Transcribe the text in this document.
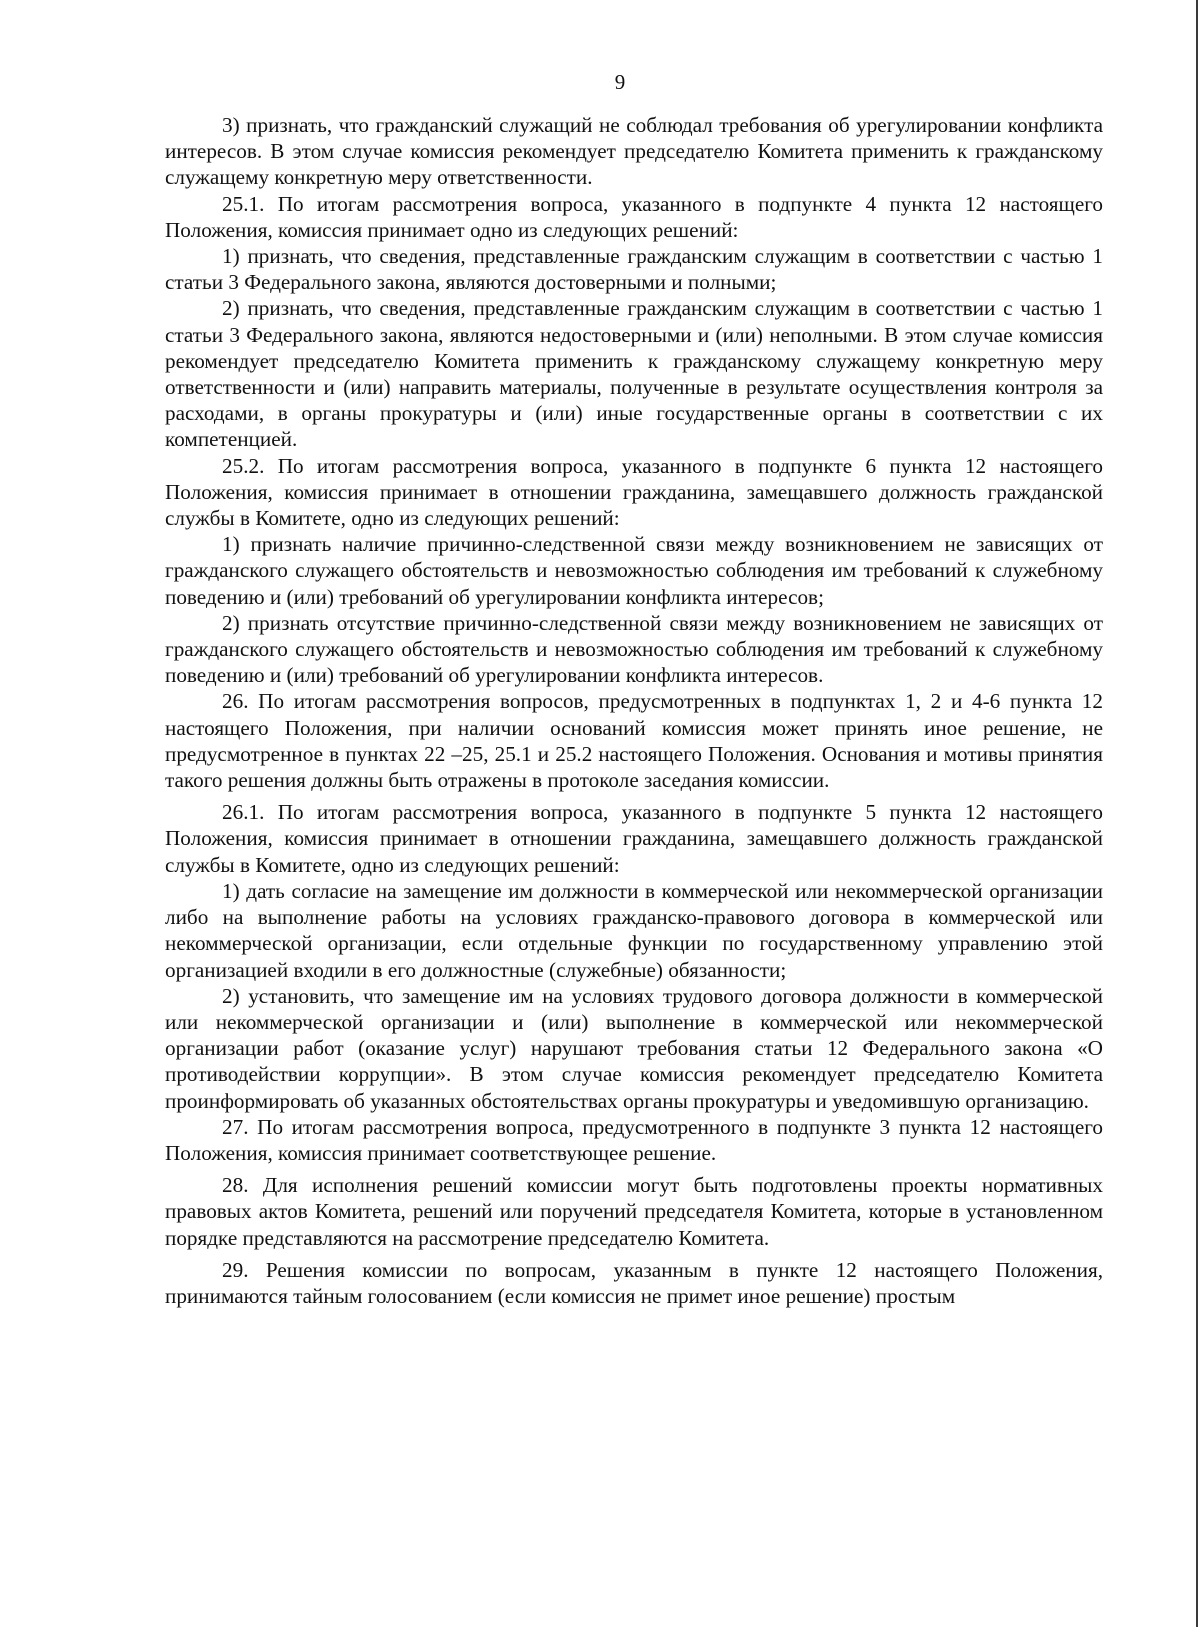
9

3) признать, что гражданский служащий не соблюдал требования об урегулировании конфликта интересов. В этом случае комиссия рекомендует председателю Комитета применить к гражданскому служащему конкретную меру ответственности.

25.1. По итогам рассмотрения вопроса, указанного в подпункте 4 пункта 12 настоящего Положения, комиссия принимает одно из следующих решений:

1) признать, что сведения, представленные гражданским служащим в соответствии с частью 1 статьи 3 Федерального закона, являются достоверными и полными;

2) признать, что сведения, представленные гражданским служащим в соответствии с частью 1 статьи 3 Федерального закона, являются недостоверными и (или) неполными. В этом случае комиссия рекомендует председателю Комитета применить к гражданскому служащему конкретную меру ответственности и (или) направить материалы, полученные в результате осуществления контроля за расходами, в органы прокуратуры и (или) иные государственные органы в соответствии с их компетенцией.

25.2. По итогам рассмотрения вопроса, указанного в подпункте 6 пункта 12 настоящего Положения, комиссия принимает в отношении гражданина, замещавшего должность гражданской службы в Комитете, одно из следующих решений:

1) признать наличие причинно-следственной связи между возникновением не зависящих от гражданского служащего обстоятельств и невозможностью соблюдения им требований к служебному поведению и (или) требований об урегулировании конфликта интересов;

2) признать отсутствие причинно-следственной связи между возникновением не зависящих от гражданского служащего обстоятельств и невозможностью соблюдения им требований к служебному поведению и (или) требований об урегулировании конфликта интересов.

26. По итогам рассмотрения вопросов, предусмотренных в подпунктах 1, 2 и 4-6 пункта 12 настоящего Положения, при наличии оснований комиссия может принять иное решение, не предусмотренное в пунктах 22 –25, 25.1 и 25.2 настоящего Положения. Основания и мотивы принятия такого решения должны быть отражены в протоколе заседания комиссии.

26.1. По итогам рассмотрения вопроса, указанного в подпункте 5 пункта 12 настоящего Положения, комиссия принимает в отношении гражданина, замещавшего должность гражданской службы в Комитете, одно из следующих решений:

1) дать согласие на замещение им должности в коммерческой или некоммерческой организации либо на выполнение работы на условиях гражданско-правового договора в коммерческой или некоммерческой организации, если отдельные функции по государственному управлению этой организацией входили в его должностные (служебные) обязанности;

2) установить, что замещение им на условиях трудового договора должности в коммерческой или некоммерческой организации и (или) выполнение в коммерческой или некоммерческой организации работ (оказание услуг) нарушают требования статьи 12 Федерального закона «О противодействии коррупции». В этом случае комиссия рекомендует председателю Комитета проинформировать об указанных обстоятельствах органы прокуратуры и уведомившую организацию.

27. По итогам рассмотрения вопроса, предусмотренного в подпункте 3 пункта 12 настоящего Положения, комиссия принимает соответствующее решение.

28. Для исполнения решений комиссии могут быть подготовлены проекты нормативных правовых актов Комитета, решений или поручений председателя Комитета, которые в установленном порядке представляются на рассмотрение председателю Комитета.

29. Решения комиссии по вопросам, указанным в пункте 12 настоящего Положения, принимаются тайным голосованием (если комиссия не примет иное решение) простым
